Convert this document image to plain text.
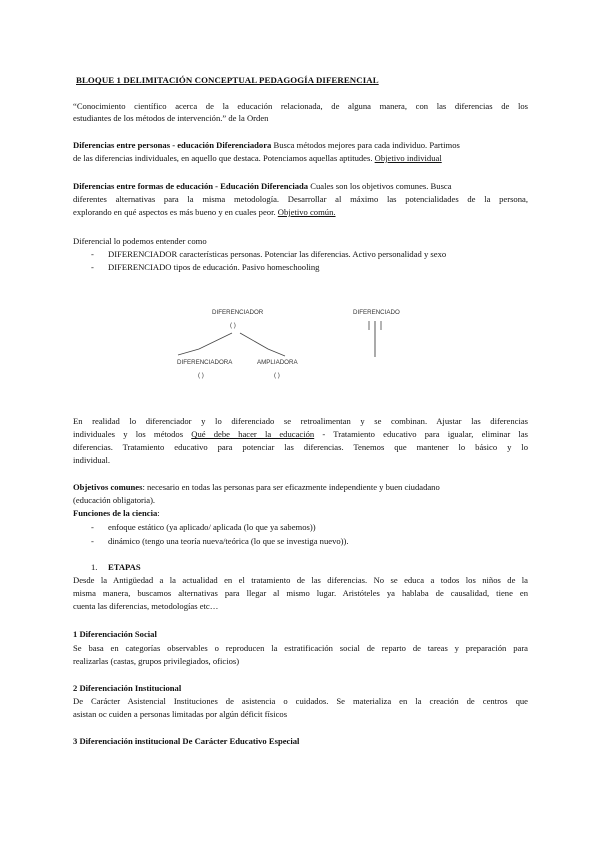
BLOQUE 1 DELIMITACIÓN CONCEPTUAL PEDAGOGÍA DIFERENCIAL
“Conocimiento científico acerca de la educación relacionada, de alguna manera, con las diferencias de los
estudiantes de los métodos de intervención.” de la Orden
Diferencias entre personas - educación Diferenciadora Busca métodos mejores para cada individuo. Partimos
de las diferencias individuales, en aquello que destaca. Potenciamos aquellas aptitudes. Objetivo individual
Diferencias entre formas de educación - Educación Diferenciada Cuales son los objetivos comunes. Busca
diferentes alternativas para la misma metodología. Desarrollar al máximo las potencialidades de la persona,
explorando en qué aspectos es más bueno y en cuales peor. Objetivo común.
Diferencial lo podemos entender como
- DIFERENCIADOR características personas. Potenciar las diferencias. Activo personalidad y sexo
- DIFERENCIADO tipos de educación. Pasivo homeschooling
DIFERENCIADOR
( )
DIFERENCIADO
DIFERENCIADORA	AMPLIADORA
( )	( )
En realidad lo diferenciador y lo diferenciado se retroalimentan y se combinan. Ajustar las diferencias
individuales y los métodos Qué debe hacer la educación - Tratamiento educativo para igualar, eliminar las
diferencias. Tratamiento educativo para potenciar las diferencias. Tenemos que mantener lo básico y lo
individual.
Objetivos comunes: necesario en todas las personas para ser eficazmente independiente y buen ciudadano
(educación obligatoria).
Funciones de la ciencia:
- enfoque estático (ya aplicado/ aplicada (lo que ya sabemos))
- dinámico (tengo una teoría nueva/teórica (lo que se investiga nuevo)).
1. ETAPAS
Desde la Antigüedad a la actualidad en el tratamiento de las diferencias. No se educa a todos los niños de la
misma manera, buscamos alternativas para llegar al mismo lugar. Aristóteles ya hablaba de causalidad, tiene en
cuenta las diferencias, metodologías etc…
1 Diferenciación Social
Se basa en categorías observables o reproducen la estratificación social de reparto de tareas y preparación para
realizarlas (castas, grupos privilegiados, oficios)
2 Diferenciación Institucional
De Carácter Asistencial Instituciones de asistencia o cuidados. Se materializa en la creación de centros que
asistan oc cuiden a personas limitadas por algún déficit físicos
3 Diferenciación institucional De Carácter Educativo Especial
